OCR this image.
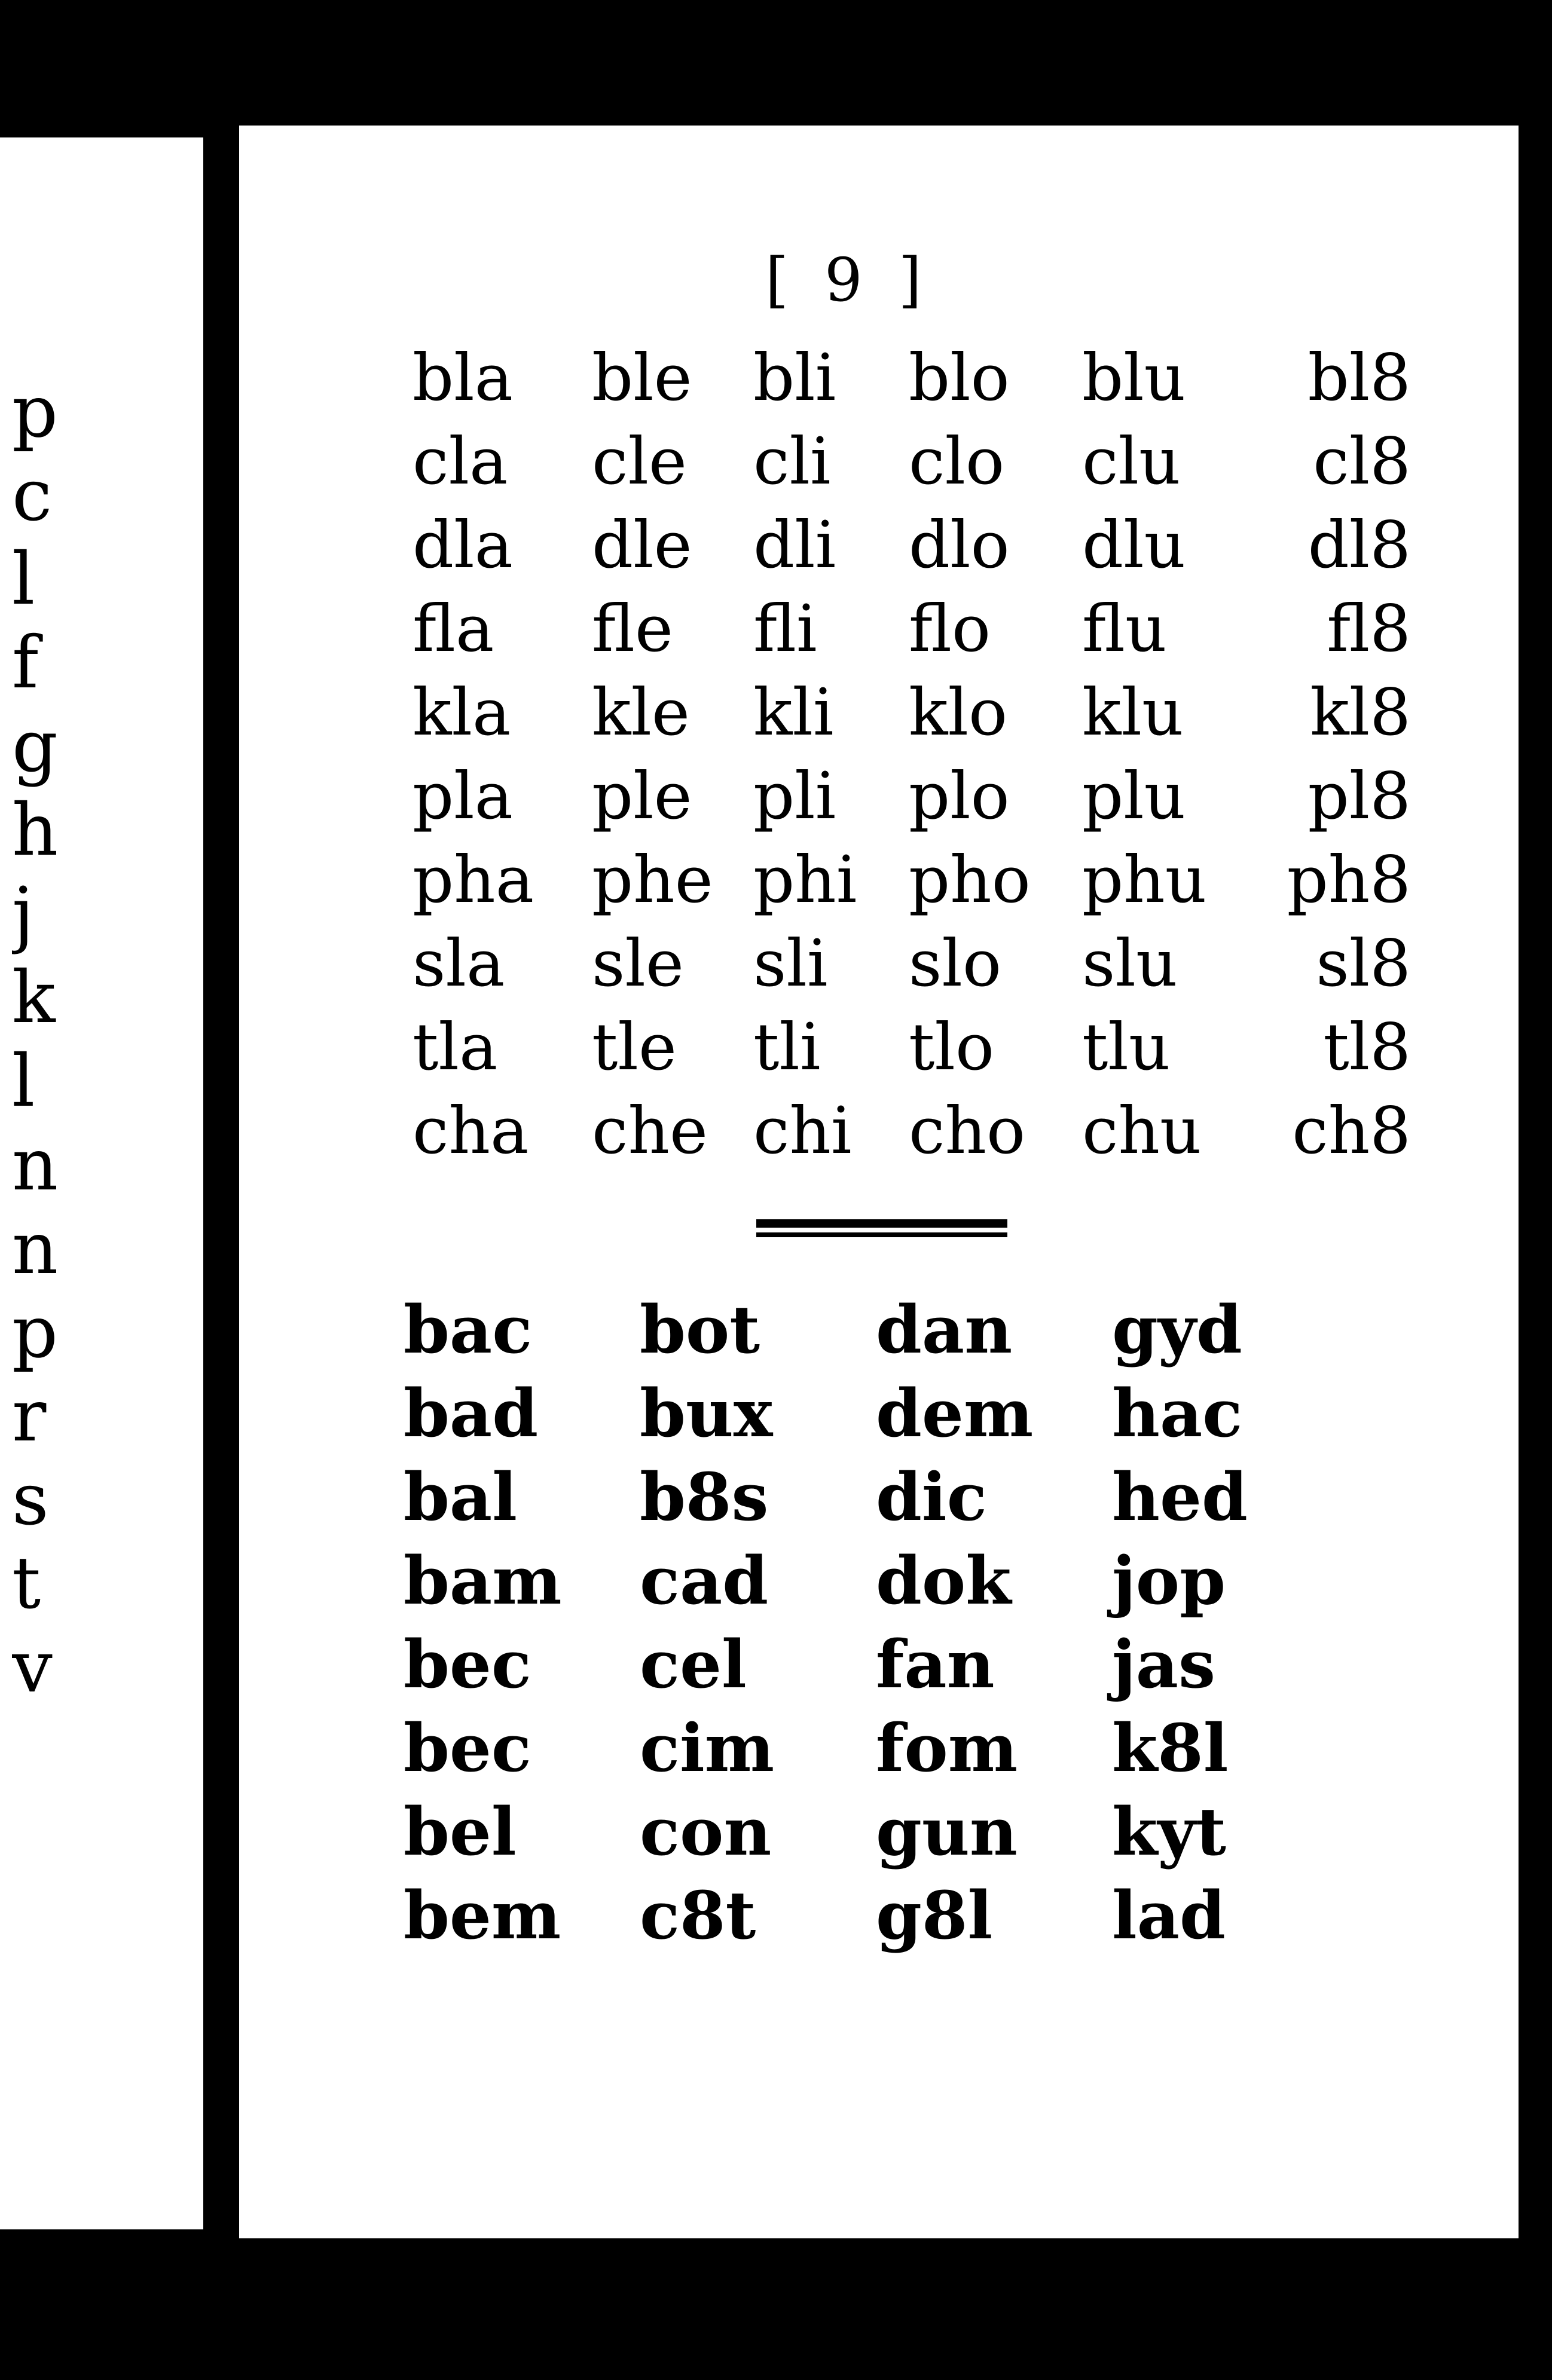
p
c
l
f
g
h
j
k
l
n
n
p
r
s
t
v
[ 9 ]
bla	ble bli	blo	blu	bl8
cla	cle	cli	clo	clu	cl8
dla	dle dli	dlo	dlu	dl8
fla	fle	fli	flo	flu	fl8
kla	kle kli	klo	klu	kl8
pla	ple pli	plo	plu	pl8
pha phe phi pho phu	ph8
sla	sle	sli	slo	slu	sl8
tla	tle	tli	tlo	tlu	tl8
cha che chi cho chu	ch8
bac	bot	dan	gyd
bad	bux	dem	hac
bal	b8s	dic	hed
bam	cad	dok	jop
bec	cel	fan	jas
bec	cim	fom	k8l
bel	con	gun	kyt
bem	c8t	g8l	lad
